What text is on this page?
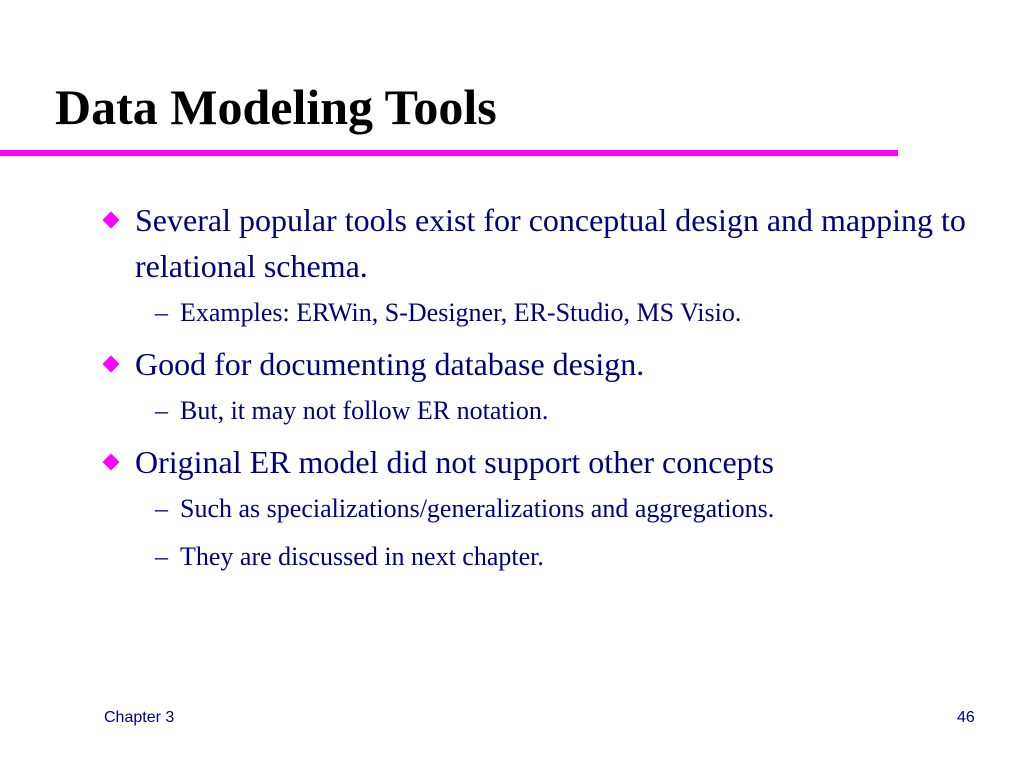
Data Modeling Tools
Several popular tools exist for conceptual design and mapping to relational schema.
– Examples: ERWin, S-Designer, ER-Studio, MS Visio.
Good for documenting database design.
– But, it may not follow ER notation.
Original ER model did not support other concepts
– Such as specializations/generalizations and aggregations.
– They are discussed in next chapter.
Chapter 3	46
